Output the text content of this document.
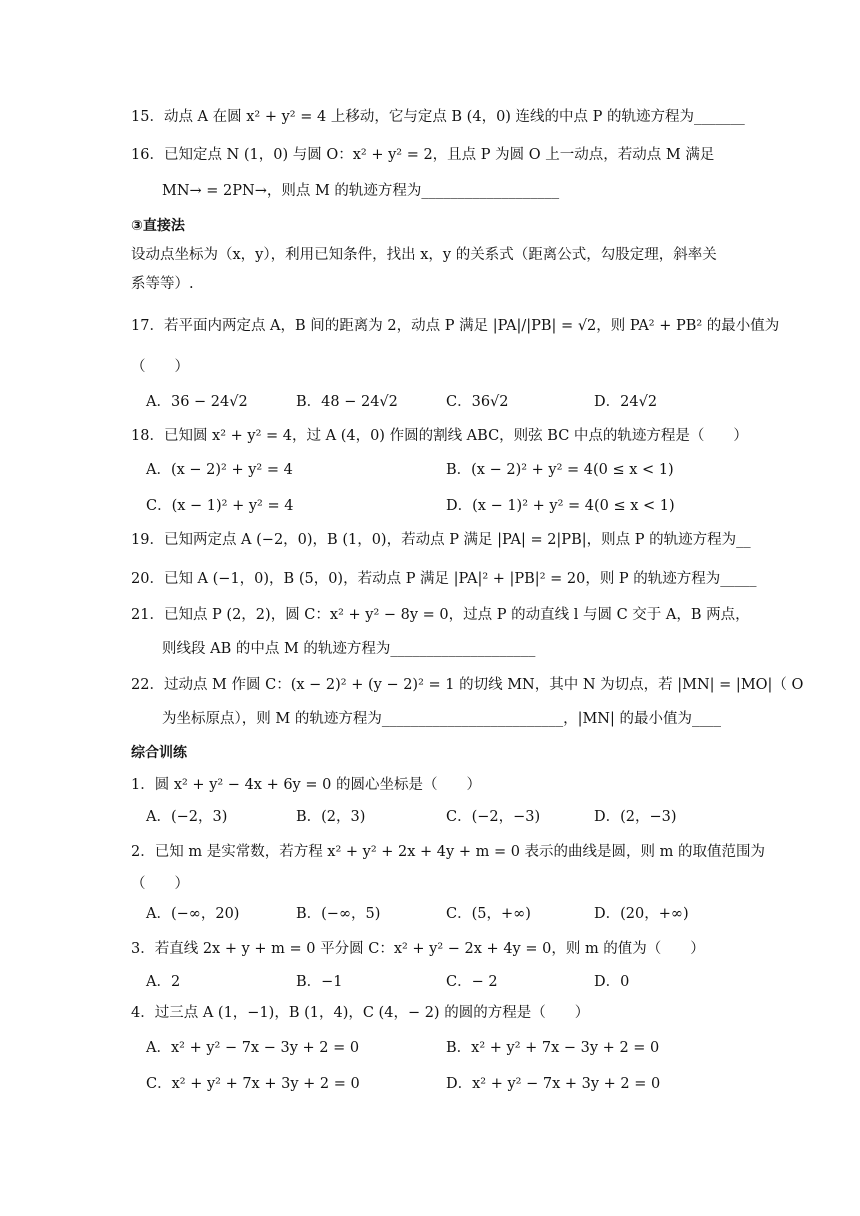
15．动点 A 在圆 x² + y² = 4 上移动，它与定点 B (4，0) 连线的中点 P 的轨迹方程为_______
16．已知定点 N (1，0) 与圆 O：x² + y² = 2，且点 P 为圆 O 上一动点，若动点 M 满足
MN→ = 2PN→，则点 M 的轨迹方程为___________________
③直接法
设动点坐标为（x，y），利用已知条件，找出 x，y 的关系式（距离公式，勾股定理，斜率关
系等等）.
17．若平面内两定点 A，B 间的距离为 2，动点 P 满足 |PA|/|PB| = √2，则 PA² + PB² 的最小值为
（　　）
A．36 − 24√2	B．48 − 24√2	C．36√2	D．24√2
18．已知圆 x² + y² = 4，过 A (4，0) 作圆的割线 ABC，则弦 BC 中点的轨迹方程是（　　）
A．(x − 2)² + y² = 4	B．(x − 2)² + y² = 4(0 ≤ x < 1)
C．(x − 1)² + y² = 4	D．(x − 1)² + y² = 4(0 ≤ x < 1)
19．已知两定点 A (−2，0)，B (1，0)，若动点 P 满足 |PA| = 2|PB|，则点 P 的轨迹方程为__
20．已知 A (−1，0)，B (5，0)，若动点 P 满足 |PA|² + |PB|² = 20，则 P 的轨迹方程为_____
21．已知点 P (2，2)，圆 C：x² + y² − 8y = 0，过点 P 的动直线 l 与圆 C 交于 A，B 两点，
则线段 AB 的中点 M 的轨迹方程为____________________
22．过动点 M 作圆 C：(x − 2)² + (y − 2)² = 1 的切线 MN，其中 N 为切点，若 |MN| = |MO|（ O
为坐标原点），则 M 的轨迹方程为_________________________，|MN| 的最小值为____
综合训练
1．圆 x² + y² − 4x + 6y = 0 的圆心坐标是（　　）
A．(−2，3)	B．(2，3)	C．(−2，−3)	D．(2，−3)
2．已知 m 是实常数，若方程 x² + y² + 2x + 4y + m = 0 表示的曲线是圆，则 m 的取值范围为
（　　）
A．(−∞，20)	B．(−∞，5)	C．(5，+∞)	D．(20，+∞)
3．若直线 2x + y + m = 0 平分圆 C：x² + y² − 2x + 4y = 0，则 m 的值为（　　）
A．2	B．−1	C．− 2	D．0
4．过三点 A (1，−1)，B (1，4)，C (4，− 2) 的圆的方程是（　　）
A．x² + y² − 7x − 3y + 2 = 0	B．x² + y² + 7x − 3y + 2 = 0
C．x² + y² + 7x + 3y + 2 = 0	D．x² + y² − 7x + 3y + 2 = 0
